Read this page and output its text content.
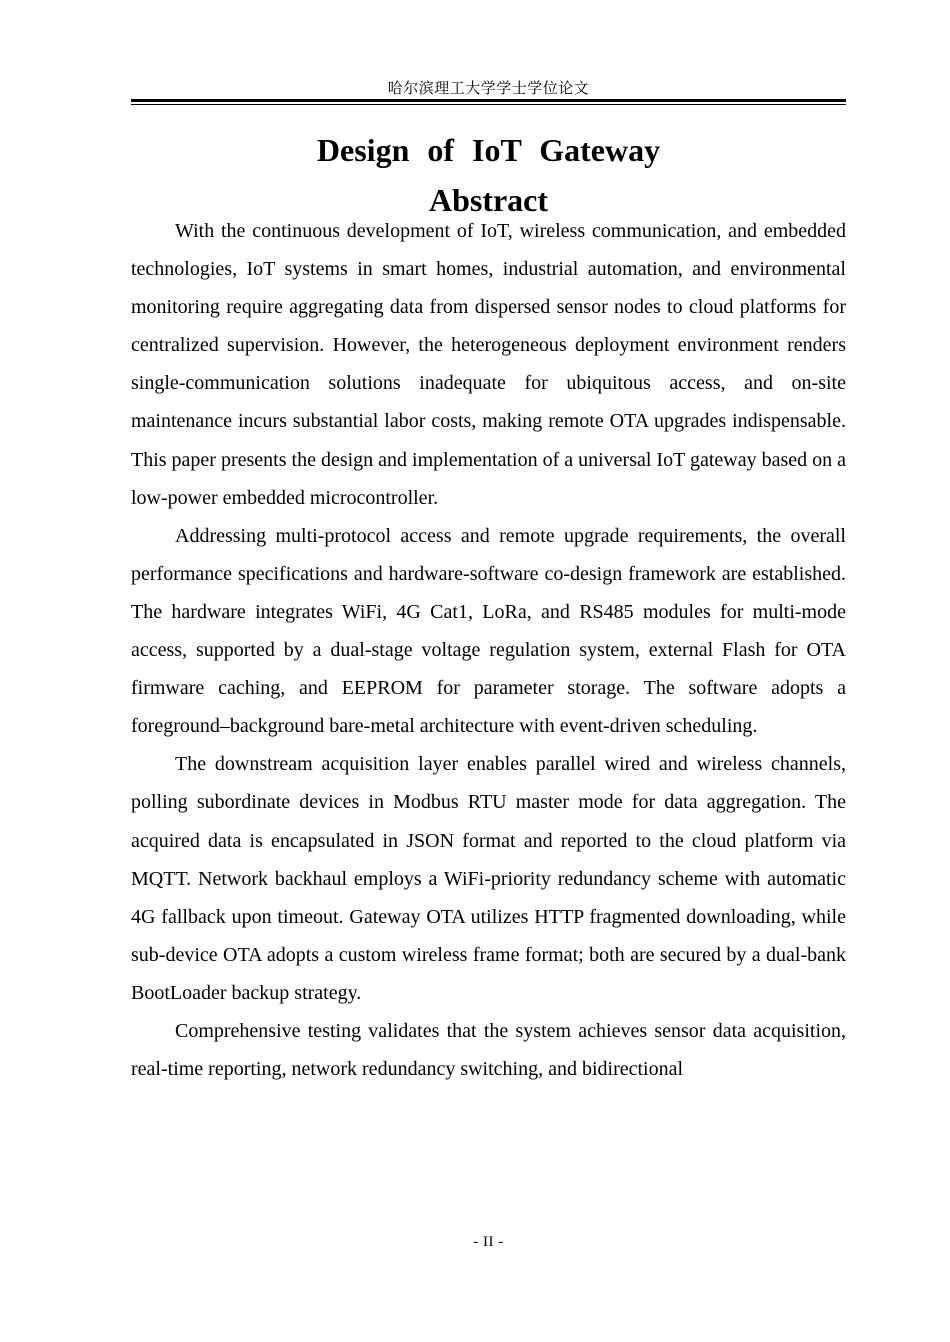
哈尔滨理工大学学士学位论文
Design of IoT Gateway
Abstract

With the continuous development of IoT, wireless communication, and embedded technologies, IoT systems in smart homes, industrial automation, and environmental monitoring require aggregating data from dispersed sensor nodes to cloud platforms for centralized supervision. However, the heterogeneous deployment environment renders single-communication solutions inadequate for ubiquitous access, and on-site maintenance incurs substantial labor costs, making remote OTA upgrades indispensable. This paper presents the design and implementation of a universal IoT gateway based on a low-power embedded microcontroller.

Addressing multi-protocol access and remote upgrade requirements, the overall performance specifications and hardware-software co-design framework are established. The hardware integrates WiFi, 4G Cat1, LoRa, and RS485 modules for multi-mode access, supported by a dual-stage voltage regulation system, external Flash for OTA firmware caching, and EEPROM for parameter storage. The software adopts a foreground–background bare-metal architecture with event-driven scheduling.

The downstream acquisition layer enables parallel wired and wireless channels, polling subordinate devices in Modbus RTU master mode for data aggregation. The acquired data is encapsulated in JSON format and reported to the cloud platform via MQTT. Network backhaul employs a WiFi-priority redundancy scheme with automatic 4G fallback upon timeout. Gateway OTA utilizes HTTP fragmented downloading, while sub-device OTA adopts a custom wireless frame format; both are secured by a dual-bank BootLoader backup strategy.

Comprehensive testing validates that the system achieves sensor data acquisition, real-time reporting, network redundancy switching, and bidirectional

- II -
